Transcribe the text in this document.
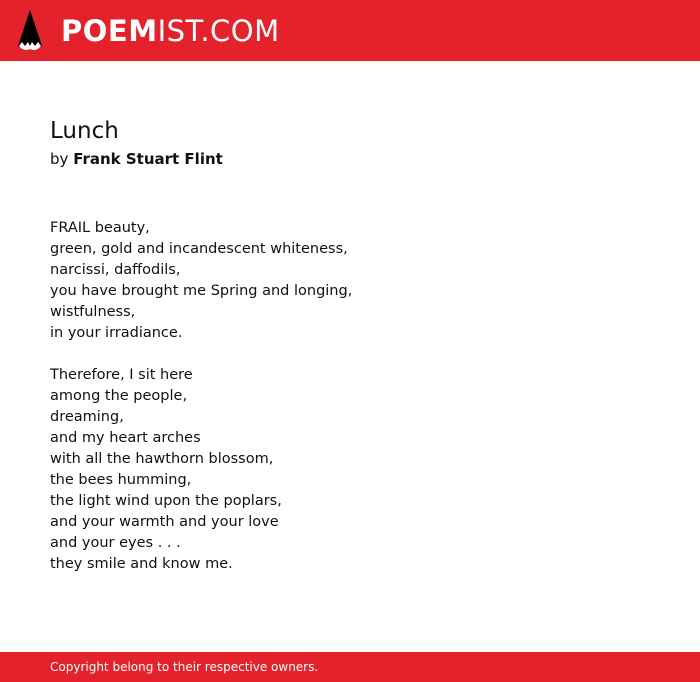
POEMIST.COM
Lunch

by Frank Stuart Flint

FRAIL beauty,
green, gold and incandescent whiteness,
narcissi, daffodils,
you have brought me Spring and longing,
wistfulness,
in your irradiance.
Therefore, I sit here
among the people,
dreaming,
and my heart arches
with all the hawthorn blossom,
the bees humming,
the light wind upon the poplars,
and your warmth and your love
and your eyes . . .
they smile and know me.
Copyright belong to their respective owners.
